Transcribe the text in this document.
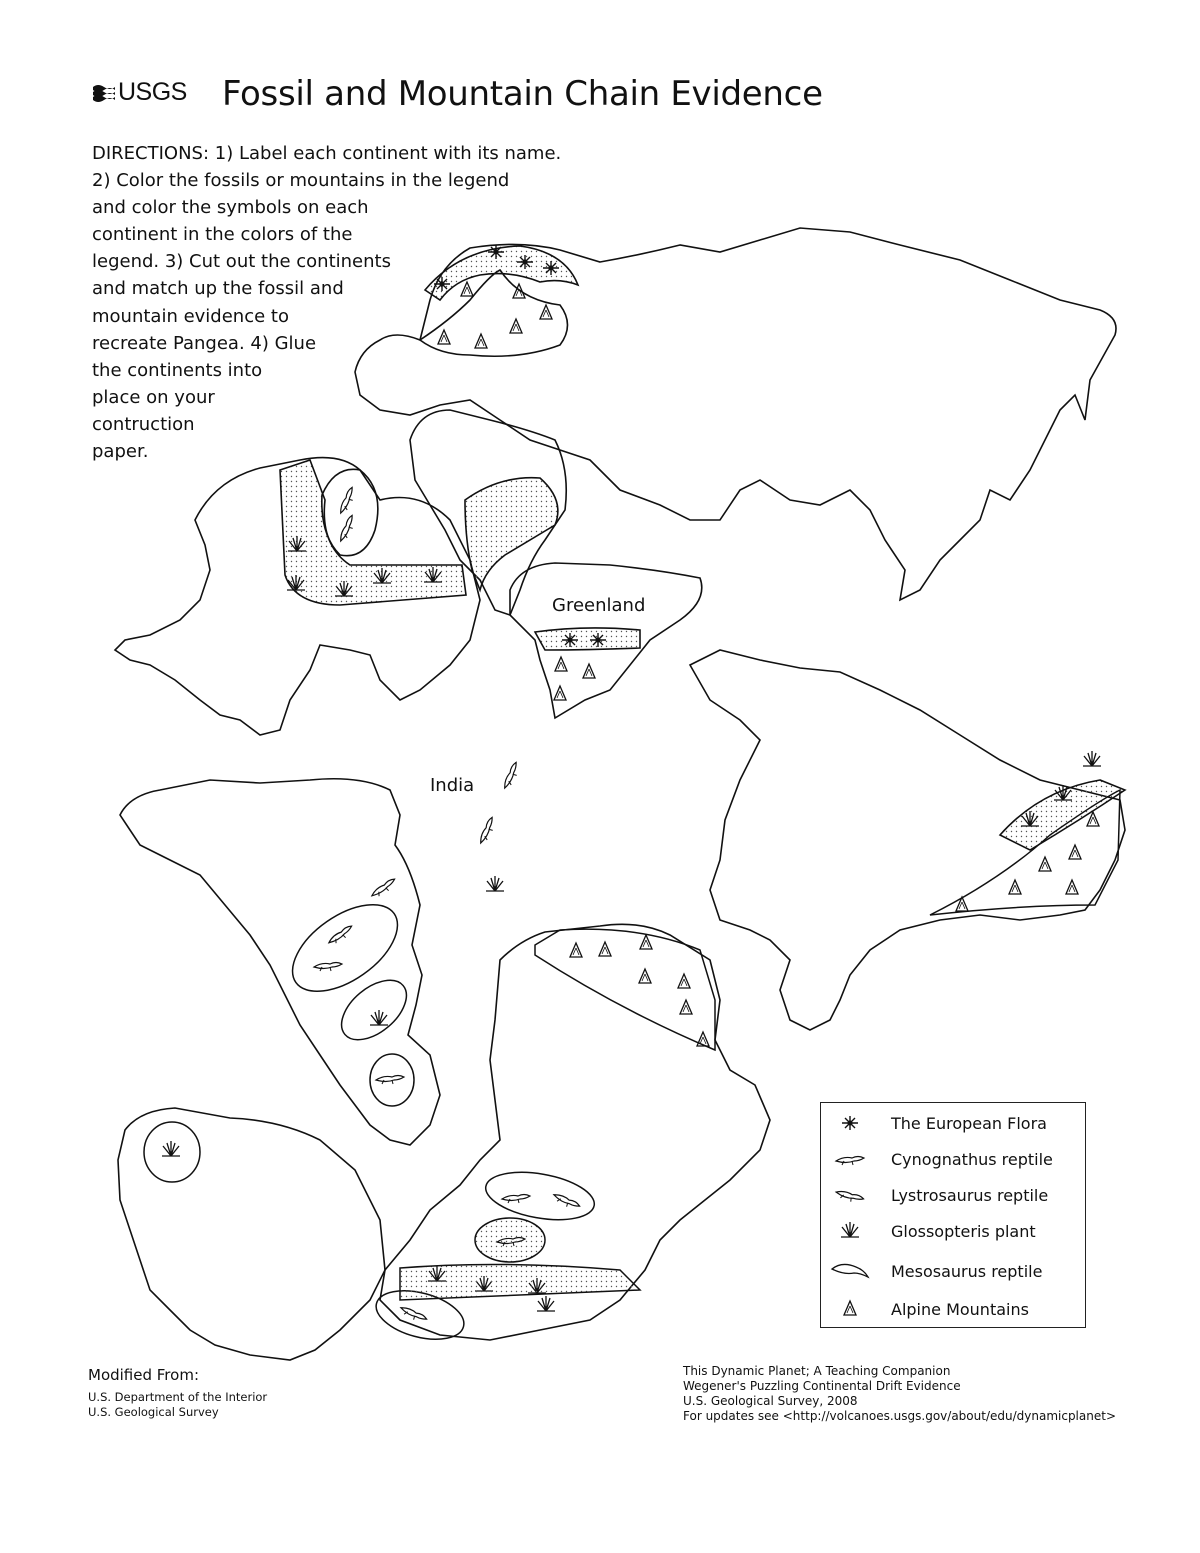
USGS Fossil and Mountain Chain Evidence
DIRECTIONS: 1) Label each continent with its name.
2) Color the fossils or mountains in the legend
and color the symbols on each
continent in the colors of the
legend. 3) Cut out the continents
and match up the fossil and
mountain evidence to
recreate Pangea. 4) Glue
the continents into
place on your
contruction
paper.
Greenland
India
The European Flora
Cynognathus reptile
Lystrosaurus reptile
Glossopteris plant
Mesosaurus reptile
Alpine Mountains
Modified From:
U.S. Department of the Interior
U.S. Geological Survey
This Dynamic Planet; A Teaching Companion
Wegener's Puzzling Continental Drift Evidence
U.S. Geological Survey, 2008
For updates see <http://volcanoes.usgs.gov/about/edu/dynamicplanet>
